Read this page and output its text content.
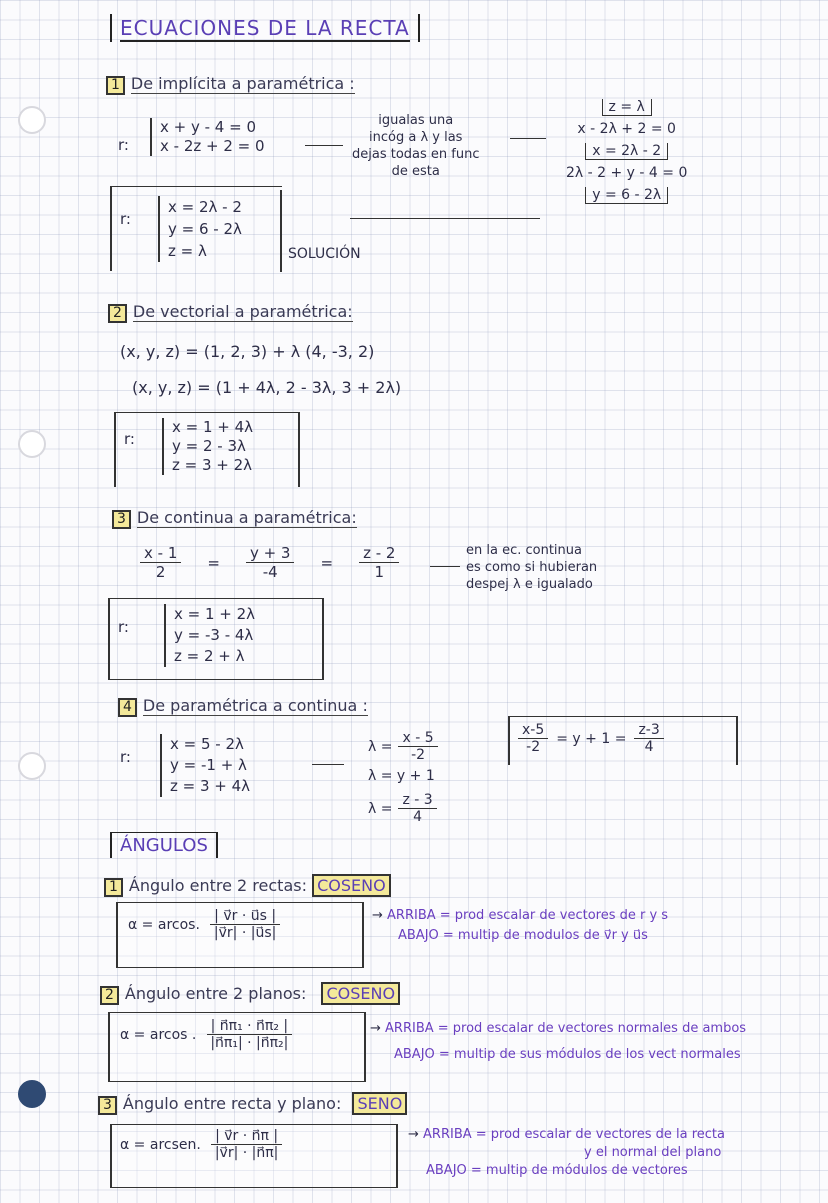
ECUACIONES DE LA RECTA
1 De implícita a paramétrica :
r:
x + y - 4 = 0
x - 2z + 2 = 0
igualas una
incóg a λ y las
dejas todas en func
de esta
z = λ
x - 2λ + 2 = 0
x = 2λ - 2
2λ - 2 + y - 4 = 0
y = 6 - 2λ
r:
x = 2λ - 2
y = 6 - 2λ
z = λ	SOLUCIÓN
2 De vectorial a paramétrica:
(x, y, z) = (1, 2, 3) + λ (4, -3, 2)
(x, y, z) = (1 + 4λ, 2 - 3λ, 3 + 2λ)
r:
x = 1 + 4λ
y = 2 - 3λ
z = 3 + 2λ
3 De continua a paramétrica:
$\frac{x - 1}{2} = \frac{y + 3}{-4} = \frac{z - 2}{1}$	en la ec. continua
es como si hubieran
despej λ e igualado
r:
x = 1 + 2λ
y = -3 - 4λ
z = 2 + λ
4 De paramétrica a continua :
r:
x = 5 - 2λ
y = -1 + λ
z = 3 + 4λ
$\lambda = \frac{x - 5}{-2}$
λ = y + 1
$\lambda = \frac{z - 3}{4}$
$\frac{x-5}{-2} = y + 1 = \frac{z-3}{4}$
ÁNGULOS
1 Ángulo entre 2 rectas: COSENO
α = arcos. $\frac{| v⃗r \cdot u⃗s |}{|v⃗r| \cdot |u⃗s|}$	→ ARRIBA = prod escalar de vectores de r y s
ABAJO = multip de modulos de v⃗r y u⃗s
2 Ángulo entre 2 planos: COSENO
α = arcos . $\frac{\text{| n⃗π₁ · n⃗π₂ |}}{\text{|n⃗π₁| · |n⃗π₂|}}$	→ ARRIBA = prod escalar de vectores normales de ambos
ABAJO = multip de sus módulos de los vect normales
3 Ángulo entre recta y plano: SENO
α = arcsen. $\frac{| v⃗r \cdot n⃗\pi |}{|v⃗r| \cdot |n⃗\pi|}$	→ ARRIBA = prod escalar de vectores de la recta
y el normal del plano
ABAJO = multip de módulos de vectores
